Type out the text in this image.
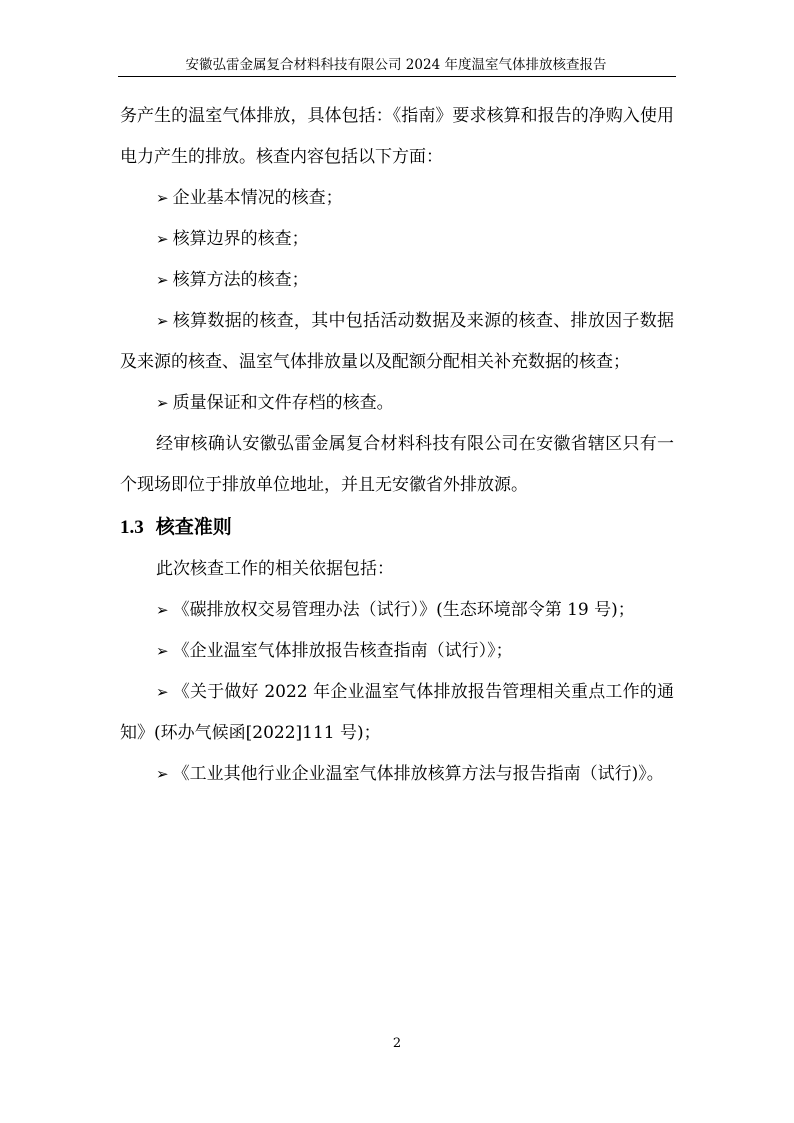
安徽弘雷金属复合材料科技有限公司 2024 年度温室气体排放核查报告

务产生的温室气体排放，具体包括：《指南》要求核算和报告的净购入使用电力产生的排放。核查内容包括以下方面：

➢ 企业基本情况的核查；

➢ 核算边界的核查；

➢ 核算方法的核查；

➢ 核算数据的核查，其中包括活动数据及来源的核查、排放因子数据及来源的核查、温室气体排放量以及配额分配相关补充数据的核查；

➢ 质量保证和文件存档的核查。

经审核确认安徽弘雷金属复合材料科技有限公司在安徽省辖区只有一个现场即位于排放单位地址，并且无安徽省外排放源。

1.3 核查准则

此次核查工作的相关依据包括：

➢ 《碳排放权交易管理办法（试行）》(生态环境部令第 19 号)；

➢ 《企业温室气体排放报告核查指南（试行）》；

➢ 《关于做好 2022 年企业温室气体排放报告管理相关重点工作的通知》(环办气候函[2022]111 号)；

➢ 《工业其他行业企业温室气体排放核算方法与报告指南（试行)》。

2
